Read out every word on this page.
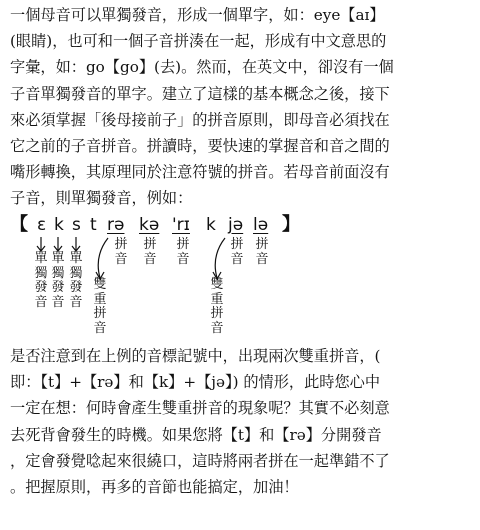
一個母音可以單獨發音，形成一個單字，如：eye【aɪ】
(眼睛)，也可和一個子音拼湊在一起，形成有中文意思的
字彙，如：go【go】(去)。然而，在英文中，卻沒有一個
子音單獨發音的單字。建立了這樣的基本概念之後，接下
來必須掌握「後母接前子」的拼音原則，即母音必須找在
它之前的子音拼音。拼讀時，要快速的掌握音和音之間的
嘴形轉換，其原理同於注意符號的拼音。若母音前面沒有
子音，則單獨發音，例如：
【 ɛ k s t rə kə 'rɪ k jə lə 】
單獨發音
單獨發音
單獨發音
拼音
拼音
拼音
拼音
拼音
雙重拼音
雙重拼音
是否注意到在上例的音標記號中，出現兩次雙重拼音，(
即：【t】+【rə】和【k】+【jə】) 的情形，此時您心中
一定在想：何時會產生雙重拼音的現象呢？其實不必刻意
去死背會發生的時機。如果您將【t】和【rə】分開發音
，定會發覺唸起來很繞口，這時將兩者拼在一起準錯不了
。把握原則，再多的音節也能搞定，加油！
